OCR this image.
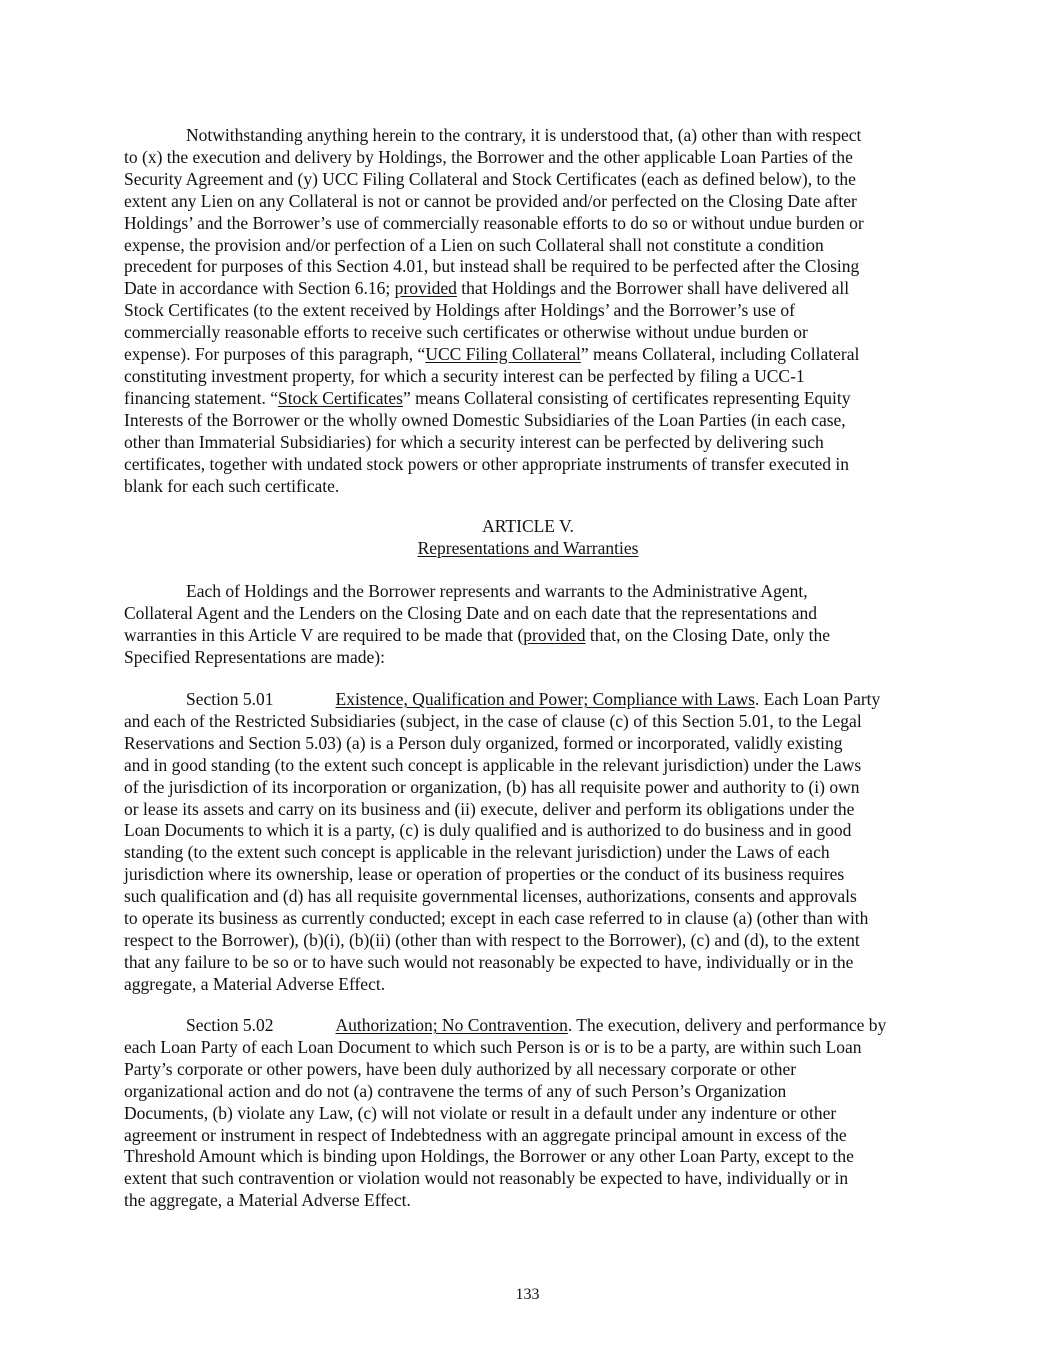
Notwithstanding anything herein to the contrary, it is understood that, (a) other than with respect
to (x) the execution and delivery by Holdings, the Borrower and the other applicable Loan Parties of the
Security Agreement and (y) UCC Filing Collateral and Stock Certificates (each as defined below), to the
extent any Lien on any Collateral is not or cannot be provided and/or perfected on the Closing Date after
Holdings’ and the Borrower’s use of commercially reasonable efforts to do so or without undue burden or
expense, the provision and/or perfection of a Lien on such Collateral shall not constitute a condition
precedent for purposes of this Section 4.01, but instead shall be required to be perfected after the Closing
Date in accordance with Section 6.16; provided that Holdings and the Borrower shall have delivered all
Stock Certificates (to the extent received by Holdings after Holdings’ and the Borrower’s use of
commercially reasonable efforts to receive such certificates or otherwise without undue burden or
expense). For purposes of this paragraph, “UCC Filing Collateral” means Collateral, including Collateral
constituting investment property, for which a security interest can be perfected by filing a UCC-1
financing statement. “Stock Certificates” means Collateral consisting of certificates representing Equity
Interests of the Borrower or the wholly owned Domestic Subsidiaries of the Loan Parties (in each case,
other than Immaterial Subsidiaries) for which a security interest can be perfected by delivering such
certificates, together with undated stock powers or other appropriate instruments of transfer executed in
blank for each such certificate.
ARTICLE V.
Representations and Warranties
Each of Holdings and the Borrower represents and warrants to the Administrative Agent,
Collateral Agent and the Lenders on the Closing Date and on each date that the representations and
warranties in this Article V are required to be made that (provided that, on the Closing Date, only the
Specified Representations are made):
Section 5.01	Existence, Qualification and Power; Compliance with Laws. Each Loan Party
and each of the Restricted Subsidiaries (subject, in the case of clause (c) of this Section 5.01, to the Legal
Reservations and Section 5.03) (a) is a Person duly organized, formed or incorporated, validly existing
and in good standing (to the extent such concept is applicable in the relevant jurisdiction) under the Laws
of the jurisdiction of its incorporation or organization, (b) has all requisite power and authority to (i) own
or lease its assets and carry on its business and (ii) execute, deliver and perform its obligations under the
Loan Documents to which it is a party, (c) is duly qualified and is authorized to do business and in good
standing (to the extent such concept is applicable in the relevant jurisdiction) under the Laws of each
jurisdiction where its ownership, lease or operation of properties or the conduct of its business requires
such qualification and (d) has all requisite governmental licenses, authorizations, consents and approvals
to operate its business as currently conducted; except in each case referred to in clause (a) (other than with
respect to the Borrower), (b)(i), (b)(ii) (other than with respect to the Borrower), (c) and (d), to the extent
that any failure to be so or to have such would not reasonably be expected to have, individually or in the
aggregate, a Material Adverse Effect.
Section 5.02	Authorization; No Contravention. The execution, delivery and performance by
each Loan Party of each Loan Document to which such Person is or is to be a party, are within such Loan
Party’s corporate or other powers, have been duly authorized by all necessary corporate or other
organizational action and do not (a) contravene the terms of any of such Person’s Organization
Documents, (b) violate any Law, (c) will not violate or result in a default under any indenture or other
agreement or instrument in respect of Indebtedness with an aggregate principal amount in excess of the
Threshold Amount which is binding upon Holdings, the Borrower or any other Loan Party, except to the
extent that such contravention or violation would not reasonably be expected to have, individually or in
the aggregate, a Material Adverse Effect.
133
